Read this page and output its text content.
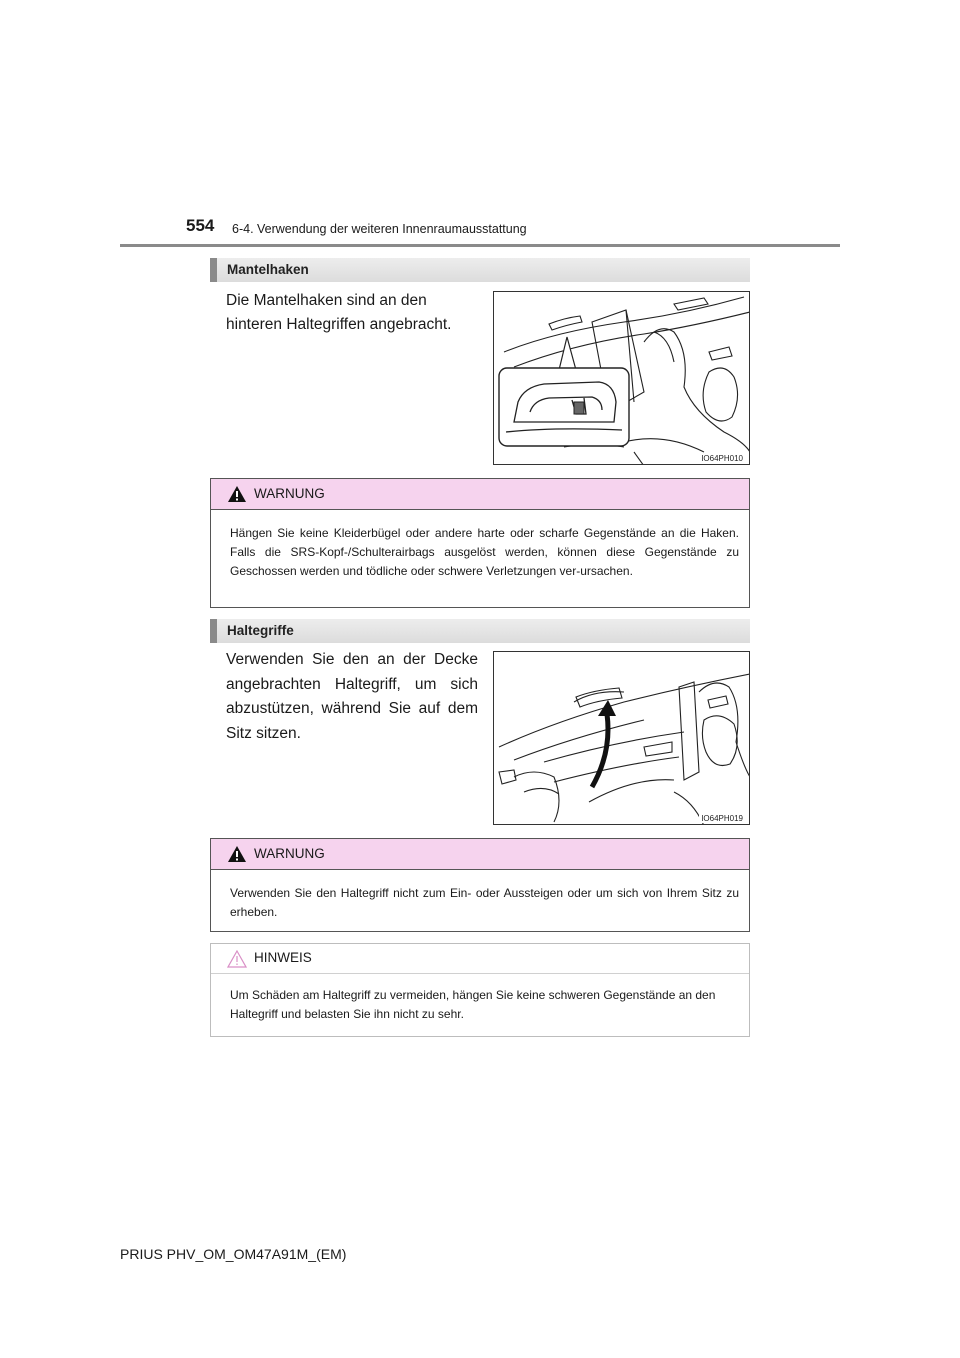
554 6-4. Verwendung der weiteren Innenraumausstattung
Mantelhaken
Die Mantelhaken sind an den hinteren Haltegriffen angebracht.
IO64PH010
WARNUNG
Hängen Sie keine Kleiderbügel oder andere harte oder scharfe Gegenstände an die Haken. Falls die SRS-Kopf-/Schulterairbags ausgelöst werden, können diese Gegenstände zu Geschossen werden und tödliche oder schwere Verletzungen ver-ursachen.
Haltegriffe
Verwenden Sie den an der Decke angebrachten Haltegriff, um sich abzustützen, während Sie auf dem Sitz sitzen.
IO64PH019
WARNUNG
Verwenden Sie den Haltegriff nicht zum Ein- oder Aussteigen oder um sich von Ihrem Sitz zu erheben.
HINWEIS
Um Schäden am Haltegriff zu vermeiden, hängen Sie keine schweren Gegenstände an den Haltegriff und belasten Sie ihn nicht zu sehr.
PRIUS PHV_OM_OM47A91M_(EM)
